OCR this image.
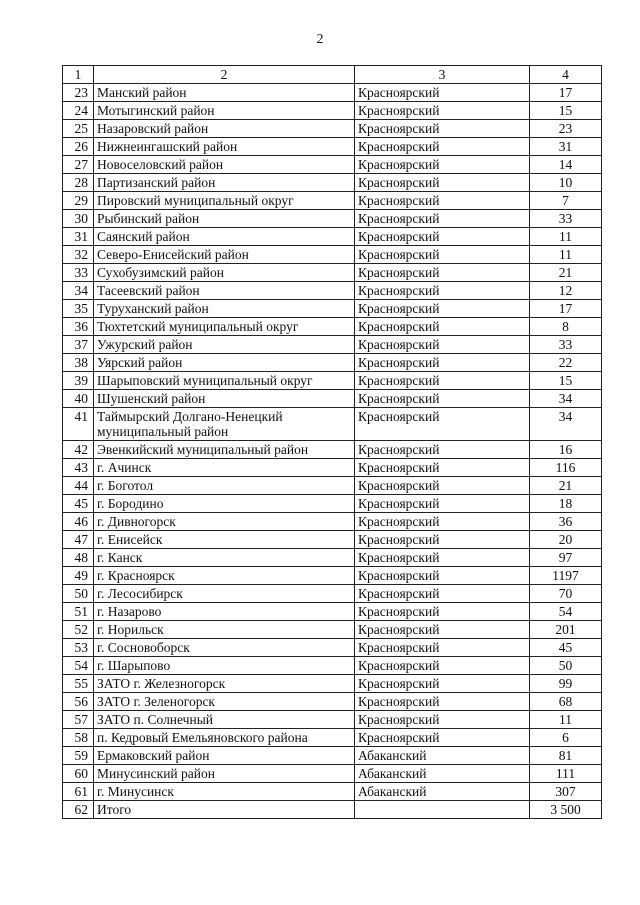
2
1	2	3	4
23	Манский район	Красноярский	17
24	Мотыгинский район	Красноярский	15
25	Назаровский район	Красноярский	23
26	Нижнеингашский район	Красноярский	31
27	Новоселовский район	Красноярский	14
28	Партизанский район	Красноярский	10
29	Пировский муниципальный округ	Красноярский	7
30	Рыбинский район	Красноярский	33
31	Саянский район	Красноярский	11
32	Северо-Енисейский район	Красноярский	11
33	Сухобузимский район	Красноярский	21
34	Тасеевский район	Красноярский	12
35	Туруханский район	Красноярский	17
36	Тюхтетский муниципальный округ	Красноярский	8
37	Ужурский район	Красноярский	33
38	Уярский район	Красноярский	22
39	Шарыповский муниципальный округ	Красноярский	15
40	Шушенский район	Красноярский	34
41	Таймырский Долгано-Ненецкий муниципальный район	Красноярский	34
42	Эвенкийский муниципальный район	Красноярский	16
43	г. Ачинск	Красноярский	116
44	г. Боготол	Красноярский	21
45	г. Бородино	Красноярский	18
46	г. Дивногорск	Красноярский	36
47	г. Енисейск	Красноярский	20
48	г. Канск	Красноярский	97
49	г. Красноярск	Красноярский	1197
50	г. Лесосибирск	Красноярский	70
51	г. Назарово	Красноярский	54
52	г. Норильск	Красноярский	201
53	г. Сосновоборск	Красноярский	45
54	г. Шарыпово	Красноярский	50
55	ЗАТО г. Железногорск	Красноярский	99
56	ЗАТО г. Зеленогорск	Красноярский	68
57	ЗАТО п. Солнечный	Красноярский	11
58	п. Кедровый Емельяновского района	Красноярский	6
59	Ермаковский район	Абаканский	81
60	Минусинский район	Абаканский	111
61	г. Минусинск	Абаканский	307
62	Итого		3 500
